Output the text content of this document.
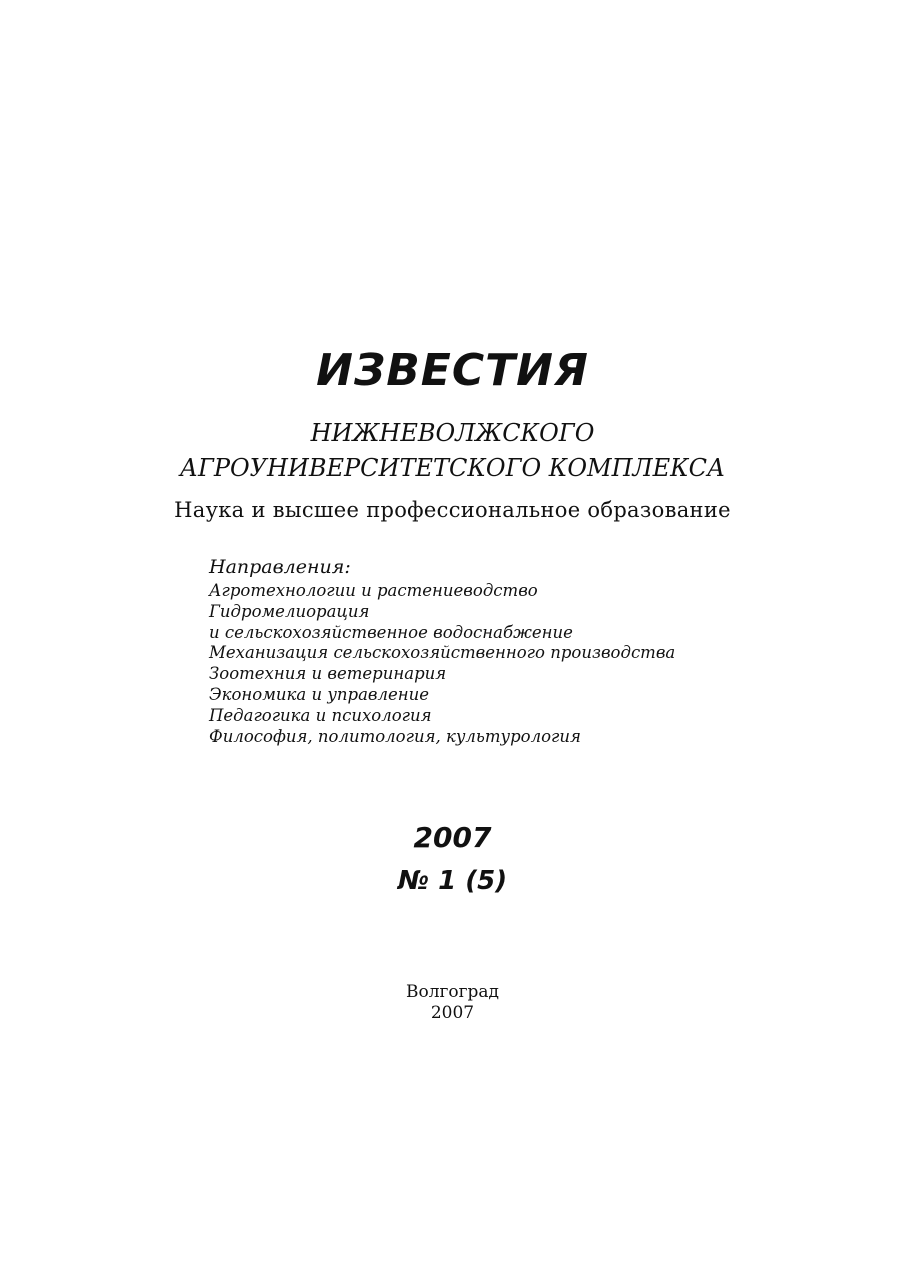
ИЗВЕСТИЯ
НИЖНЕВОЛЖСКОГО
АГРОУНИВЕРСИТЕТСКОГО КОМПЛЕКСА
Наука и высшее профессиональное образование
Направления:
Агротехнологии и растениеводство
Гидромелиорация
и сельскохозяйственное водоснабжение
Механизация сельскохозяйственного производства
Зоотехния и ветеринария
Экономика и управление
Педагогика и психология
Философия, политология, культурология
2007
№ 1 (5)
Волгоград
2007
